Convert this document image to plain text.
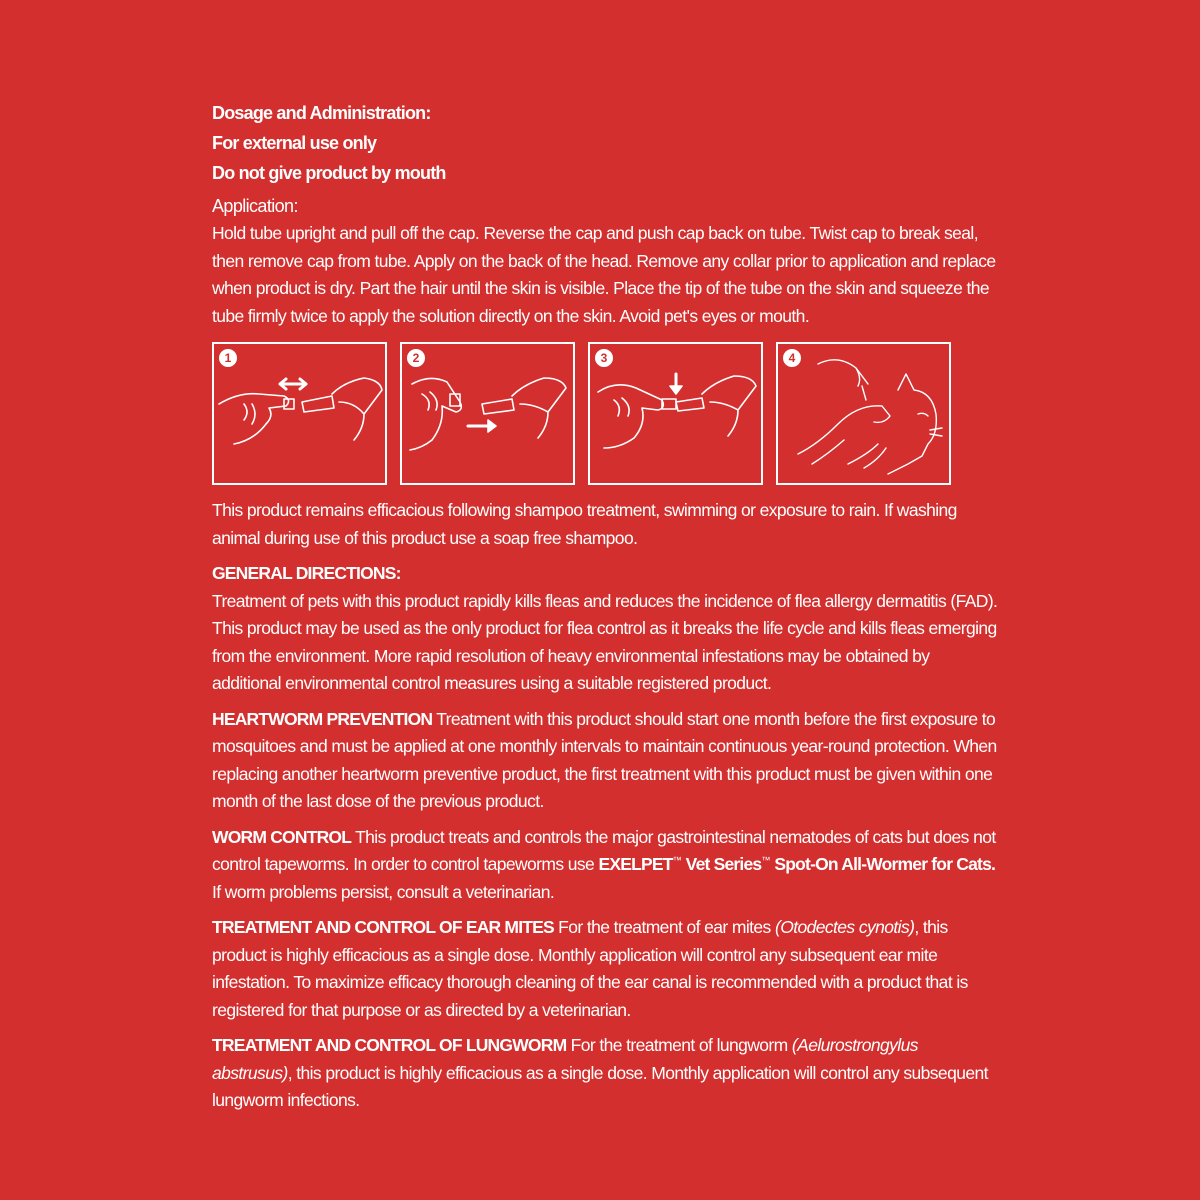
Dosage and Administration:

For external use only

Do not give product by mouth

Application:

Hold tube upright and pull off the cap. Reverse the cap and push cap back on tube. Twist cap to break seal, then remove cap from tube. Apply on the back of the head. Remove any collar prior to application and replace when product is dry. Part the hair until the skin is visible. Place the tip of the tube on the skin and squeeze the tube firmly twice to apply the solution directly on the skin. Avoid pet's eyes or mouth.

1	2	3	4

This product remains efficacious following shampoo treatment, swimming or exposure to rain. If washing animal during use of this product use a soap free shampoo.

GENERAL DIRECTIONS:

Treatment of pets with this product rapidly kills fleas and reduces the incidence of flea allergy dermatitis (FAD). This product may be used as the only product for flea control as it breaks the life cycle and kills fleas emerging from the environment. More rapid resolution of heavy environmental infestations may be obtained by additional environmental control measures using a suitable registered product.

HEARTWORM PREVENTION Treatment with this product should start one month before the first exposure to mosquitoes and must be applied at one monthly intervals to maintain continuous year-round protection. When replacing another heartworm preventive product, the first treatment with this product must be given within one month of the last dose of the previous product.

WORM CONTROL This product treats and controls the major gastrointestinal nematodes of cats but does not control tapeworms. In order to control tapeworms use EXELPET™ Vet Series™ Spot-On All-Wormer for Cats. If worm problems persist, consult a veterinarian.

TREATMENT AND CONTROL OF EAR MITES For the treatment of ear mites (Otodectes cynotis), this product is highly efficacious as a single dose. Monthly application will control any subsequent ear mite infestation. To maximize efficacy thorough cleaning of the ear canal is recommended with a product that is registered for that purpose or as directed by a veterinarian.

TREATMENT AND CONTROL OF LUNGWORM For the treatment of lungworm (Aelurostrongylus abstrusus), this product is highly efficacious as a single dose. Monthly application will control any subsequent lungworm infections.
